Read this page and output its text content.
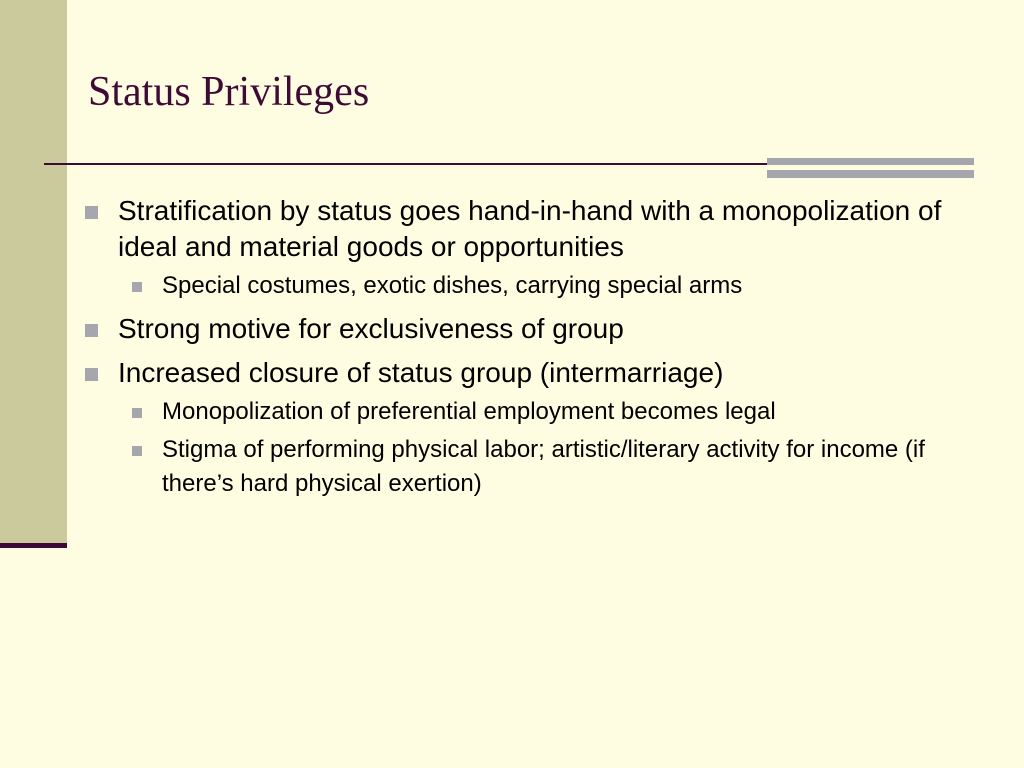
Status Privileges
Stratification by status goes hand-in-hand with a monopolization of ideal and material goods or opportunities
Special costumes, exotic dishes, carrying special arms
Strong motive for exclusiveness of group
Increased closure of status group (intermarriage)
Monopolization of preferential employment becomes legal
Stigma of performing physical labor; artistic/literary activity for income (if there’s hard physical exertion)
